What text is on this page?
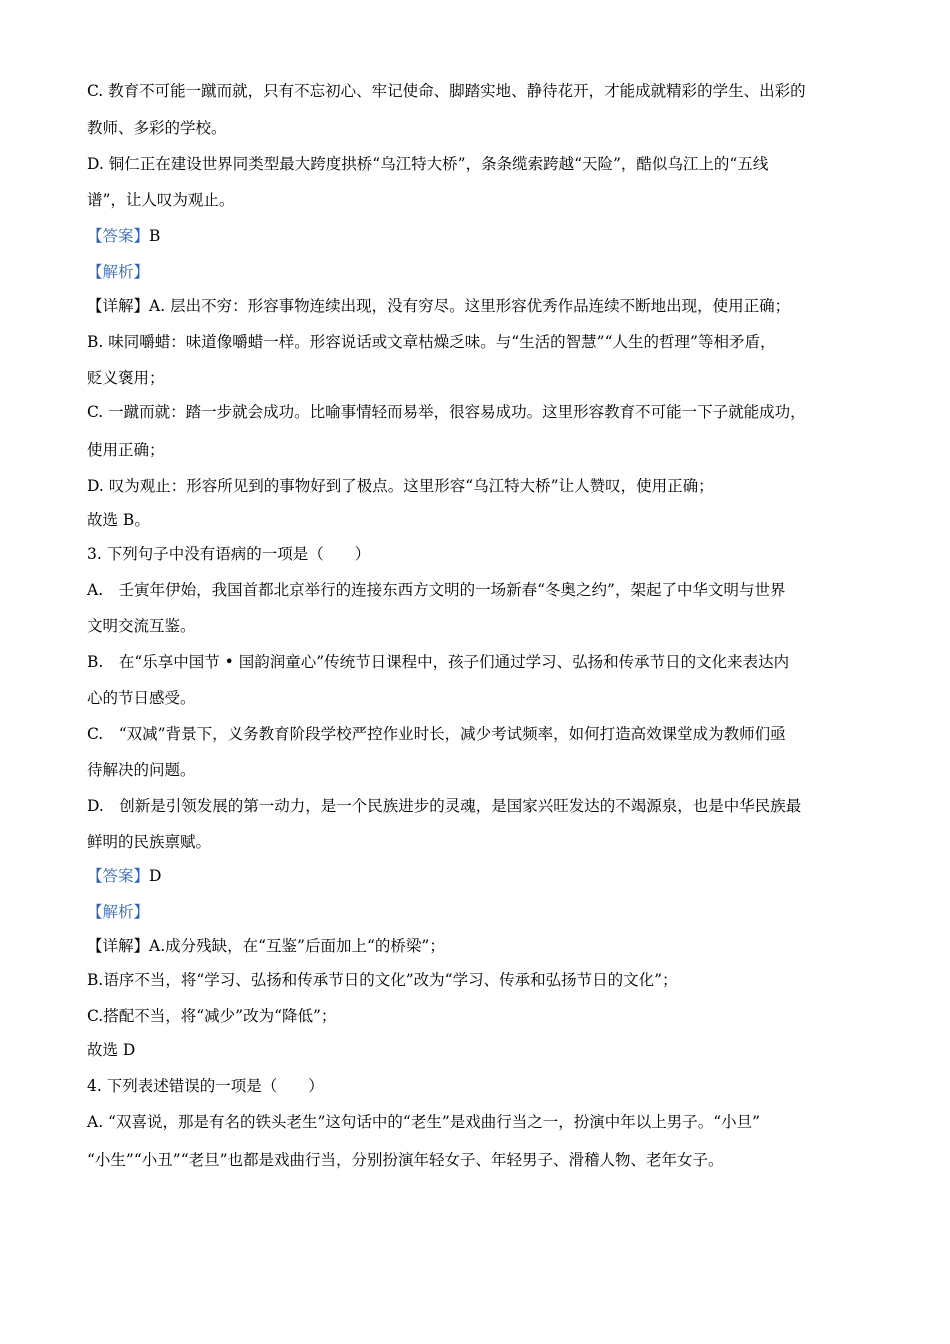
C. 教育不可能一蹴而就，只有不忘初心、牢记使命、脚踏实地、静待花开，才能成就精彩的学生、出彩的
教师、多彩的学校。
D. 铜仁正在建设世界同类型最大跨度拱桥“乌江特大桥”，条条缆索跨越“天险”，酷似乌江上的“五线
谱”，让人叹为观止。
【答案】B
【解析】
【详解】A. 层出不穷：形容事物连续出现，没有穷尽。这里形容优秀作品连续不断地出现，使用正确；
B. 味同嚼蜡：味道像嚼蜡一样。形容说话或文章枯燥乏味。与“生活的智慧”“人生的哲理”等相矛盾，
贬义褒用；
C. 一蹴而就：踏一步就会成功。比喻事情轻而易举，很容易成功。这里形容教育不可能一下子就能成功，
使用正确；
D. 叹为观止：形容所见到的事物好到了极点。这里形容“乌江特大桥”让人赞叹，使用正确；
故选 B。
3. 下列句子中没有语病的一项是（　　）
A.　壬寅年伊始，我国首都北京举行的连接东西方文明的一场新春“冬奥之约”，架起了中华文明与世界
文明交流互鉴。
B.　在“乐享中国节 • 国韵润童心”传统节日课程中，孩子们通过学习、弘扬和传承节日的文化来表达内
心的节日感受。
C.　“双减”背景下，义务教育阶段学校严控作业时长，减少考试频率，如何打造高效课堂成为教师们亟
待解决的问题。
D.　创新是引领发展的第一动力，是一个民族进步的灵魂，是国家兴旺发达的不竭源泉，也是中华民族最
鲜明的民族禀赋。
【答案】D
【解析】
【详解】A.成分残缺，在“互鉴”后面加上“的桥梁”；
B.语序不当，将“学习、弘扬和传承节日的文化”改为“学习、传承和弘扬节日的文化”；
C.搭配不当，将“减少”改为“降低”；
故选 D
4. 下列表述错误的一项是（　　）
A. “双喜说，那是有名的铁头老生”这句话中的“老生”是戏曲行当之一，扮演中年以上男子。“小旦”
“小生”“小丑”“老旦”也都是戏曲行当，分别扮演年轻女子、年轻男子、滑稽人物、老年女子。
